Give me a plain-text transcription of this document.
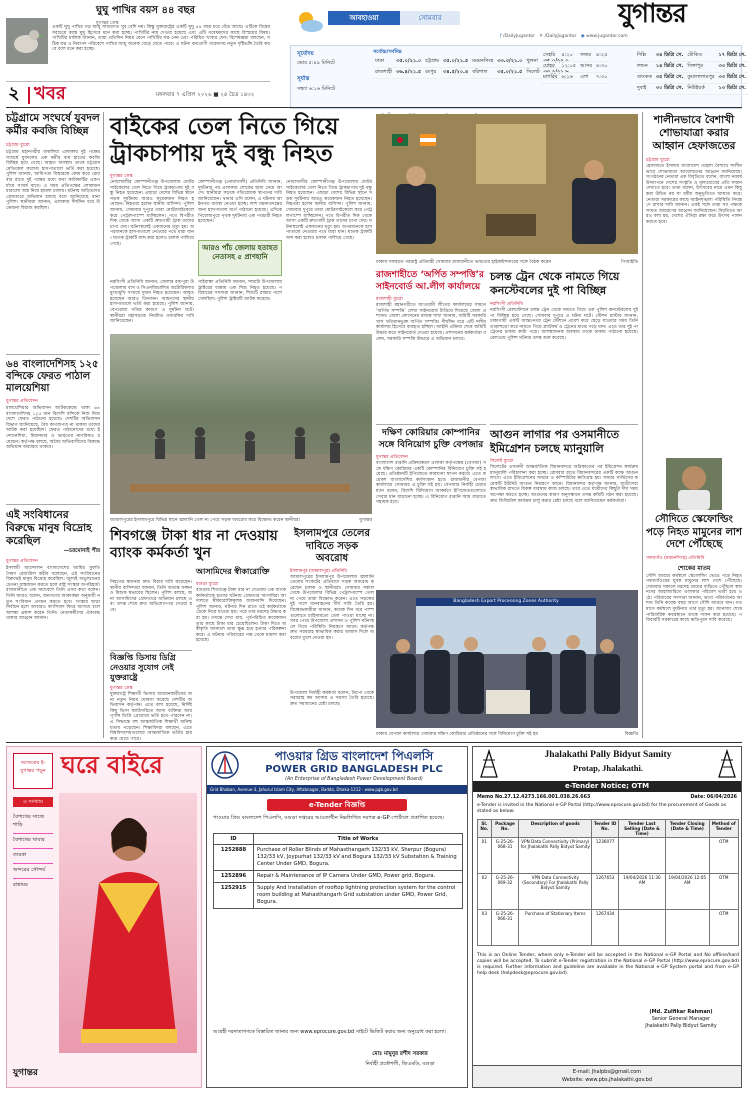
ঘুঘু পাখির বয়স ৪৪ বছর
যুগান্তর ডেস্ক
একটি ঘুঘু পাখির গড় আয়ু সাধারণত খুব বেশি নয়। কিন্তু যুক্তরাষ্ট্রের একটি ঘুঘু ৪৪ বছর ধরে বেঁচে আছে। এটিকে বিশ্বের সবচেয়ে বয়স্ক ঘুঘু হিসেবে মনে করা হচ্ছে। পাখিটির নাম দেওয়া হয়েছে এবং এটি গবেষকদের কাছে বিস্ময়ের বিষয়। পাখিটির মালিক জানান, তারা প্রতিদিন নিয়ম মেনে পাখিটির যত্ন নেন এবং পরিমিত খাবার দেন। বিশেষজ্ঞরা বলছেন, সঠিক যত্ন ও নিরাপদ পরিবেশে পাখির আয়ু অনেক বেড়ে যেতে পারে। এ ঘটনা বন্যপ্রাণী গবেষণায় নতুন দৃষ্টিভঙ্গি তৈরি করবে বলে মনে করা হচ্ছে।
আবহাওয়া	সোমবার	যুগান্তর
f /DailyJugantor ✕ /DailyJugantor ◉ www.jugantor.com
সূর্যোদয়
ভোর ৫:৪৯ মিনিটে
সূর্যাস্ত
সন্ধ্যা ৬:১৬ মিনিটে
সর্বোচ্চ/সর্বনিম্ন
ঢাকা	৩৫.০/২১.০	চট্টগ্রাম	৩৫.০/২১.৫	ময়মনসিংহ	৩৩.৩/২১.০	খুলনা	৩৫.০/২২.০
রাজশাহী	৩৬.৪/২১.৫	রংপুর	৩৪.৫/২০.৪	বরিশাল	৩৫.০/২১.৫	সিলেট	৩৩.২/২১.৮
সেহরি	৪:২০	ফজর	৪:২৫
যোহর	১২:০৫	আসর	৪:৩০
মাগরিব	৬:১৬	এশা	৭:৩০
দিল্লি	৩৪ ডিগ্রি সে.	টোকিও	১৭ ডিগ্রি সে.
লন্ডন	১৪ ডিগ্রি সে.	সিঙ্গাপুর	৩৩ ডিগ্রি সে.
ব্যাংকক	৩৫ ডিগ্রি সে.	কুয়ালালামপুর	৩৩ ডিগ্রি সে.
দুবাই	৩০ ডিগ্রি সে.	নিউইয়র্ক	১৩ ডিগ্রি সে.
২ খবর	মঙ্গলবার ৭ এপ্রিল ২০২৬ ■ ২৪ চৈত্র ১৪৩২
চট্টগ্রামে সংঘর্ষে যুবদল কর্মীর কবজি বিচ্ছিন্ন
চট্টগ্রাম ব্যুরো
চট্টগ্রাম মহানগরীর বাকলিয়া এলাকায় দুই পক্ষের সংঘর্ষে যুবদলের এক কর্মীর বাম হাতের কবজি বিচ্ছিন্ন হয়ে গেছে। আহত অবস্থায় তাকে চট্টগ্রাম মেডিকেল কলেজ হাসপাতালে ভর্তি করা হয়েছে। পুলিশ জানায়, আধিপত্য বিস্তারকে কেন্দ্র করে রোববার রাতে দুই পক্ষের মধ্যে কথা কাটাকাটির একপর্যায়ে সংঘর্ষ বাধে। এ সময় প্রতিপক্ষের লোকজন ধারালো অস্ত্র নিয়ে হামলা চালায়। ঘটনায় জড়িতদের গ্রেফতারে অভিযান চলছে বলে জানিয়েছে থানা পুলিশ। স্থানীয়রা জানান, এলাকায় দীর্ঘদিন ধরে উত্তেজনা বিরাজ করছিল।
৬৪ বাংলাদেশিসহ ১২৫ বন্দিকে ফেরত পাঠাল মালয়েশিয়া
যুগান্তর প্রতিবেদন
মালয়েশিয়ার অভিবাসন আটককেন্দ্রে থাকা ৬৪ বাংলাদেশিসহ ১২৫ জন বিদেশি বন্দিকে নিজ নিজ দেশে ফেরত পাঠানো হয়েছে। দেশটির অভিবাসন বিভাগ জানিয়েছে, বৈধ কাগজপত্র না থাকায় তাদের আটক করা হয়েছিল। ফেরত পাঠানোদের মধ্যে ইন্দোনেশিয়া, মিয়ানমার ও ভারতের নাগরিকও রয়েছেন। কর্তৃপক্ষ বলছে, অবৈধ অভিবাসীদের বিরুদ্ধে অভিযান অব্যাহত থাকবে।
এই সংবিধানের বিরুদ্ধে মানুষ বিদ্রোহ করেছিল
—চরমোনাই পীর
যুগান্তর প্রতিবেদন
ইসলামী আন্দোলন বাংলাদেশের আমির মুফতি সৈয়দ রেজাউল করীম বলেছেন, এই সংবিধানের বিরুদ্ধেই মানুষ বিদ্রোহ করেছিল। জুলাই অভ্যুত্থানের চেতনা বাস্তবায়ন করতে হলে রাষ্ট্র সংস্কার অপরিহার্য। রাজধানীতে এক সমাবেশে তিনি এসব কথা বলেন। তিনি আরও বলেন, জনগণের আকাঙ্ক্ষা অনুযায়ী নতুন সংবিধান প্রণয়ন করতে হবে। সংস্কার ছাড়া নির্বাচন হলে আবারও ফ্যাসিবাদ ফিরে আসবে বলে আশঙ্কা প্রকাশ করেন তিনি। নেতাকর্মীদের ঐক্যবদ্ধ থাকার আহ্বান জানান।
বাইকের তেল নিতে গিয়ে ট্রাকচাপায় দুই বন্ধু নিহত
যুগান্তর ডেস্ক
নোয়াখালীর কোম্পানীগঞ্জ উপজেলায় মোটরসাইকেলের তেল নিতে গিয়ে ট্রাকচাপায় দুই বন্ধু নিহত হয়েছেন। এছাড়া দেশের বিভিন্ন স্থানে সড়ক দুর্ঘটনায় আরও কয়েকজন নিহত হয়েছেন। নিহতরা হলেন স্থানীয় বাসিন্দা। পুলিশ জানায়, সোমবার দুপুরে তারা মোটরসাইকেলে করে পেট্রলপাম্পে যাচ্ছিলেন। পথে বিপরীত দিক থেকে আসা একটি দ্রুতগামী ট্রাক তাদের চাপা দেয়। ঘটনাস্থলেই একজনের মৃত্যু হয়। অপরজনকে হাসপাতালে নেওয়ার পথে মারা যান। ঘাতক ট্রাকটি জব্দ করা হলেও চালক পালিয়ে গেছে।
কোম্পানীগঞ্জ (নোয়াখালী) প্রতিনিধি জানান, দুর্ঘটনার পর এলাকায় শোকের ছায়া নেমে আসে। স্থানীয়রা সড়কে গতিরোধক স্থাপনের দাবি জানিয়েছেন। থানার ওসি বলেন, এ ঘটনায় আইনগত ব্যবস্থা নেওয়া হচ্ছে। লাশ ময়নাতদন্তের জন্য হাসপাতাল মর্গে পাঠানো হয়েছে। এদিকে পিরোজপুরে পৃথক দুর্ঘটনায় এক পথচারী নিহত হয়েছেন।
আরও পাঁচ জেলায় হতাহত নেতাসহ ৫ প্রাণহানি
নরসিংদী প্রতিনিধি জানান, জেলার রায়পুরা উপজেলায় বাস ও সিএনজিচালিত অটোরিকশার মুখোমুখি সংঘর্ষে দুজন নিহত হয়েছেন। আহত হয়েছেন আরও তিনজন। আহতদের স্থানীয় হাসপাতালে ভর্তি করা হয়েছে। পুলিশ জানায়, বেপরোয়া গতির কারণে এ দুর্ঘটনা ঘটে। স্থানীয়রা মহাসড়কে নিয়মিত তদারকির দাবি জানিয়েছেন।
গাইবান্ধা প্রতিনিধি জানান, সাঘাটা উপজেলায় ট্রাক্টরের ধাক্কায় এক শিশু নিহত হয়েছে। পরিবারের সদস্যরা জানান, শিশুটি রাস্তার পাশে খেলছিল। পুলিশ ট্রাক্টরটি আটক করেছে।
নোয়াখালীর কোম্পানীগঞ্জ উপজেলায় মোটরসাইকেলের তেল নিতে গিয়ে ট্রাকচাপায় দুই বন্ধু নিহত হয়েছেন। এছাড়া দেশের বিভিন্ন স্থানে সড়ক দুর্ঘটনায় আরও কয়েকজন নিহত হয়েছেন। নিহতরা হলেন স্থানীয় বাসিন্দা। পুলিশ জানায়, সোমবার দুপুরে তারা মোটরসাইকেলে করে পেট্রলপাম্পে যাচ্ছিলেন। পথে বিপরীত দিক থেকে আসা একটি দ্রুতগামী ট্রাক তাদের চাপা দেয়। ঘটনাস্থলেই একজনের মৃত্যু হয়। অপরজনকে হাসপাতালে নেওয়ার পথে মারা যান। ঘাতক ট্রাকটি জব্দ করা হলেও চালক পালিয়ে গেছে।
জামালপুরের ইসলামপুরে বিভিন্ন স্থানে জ্বালানি তেল না পেয়ে সড়ক অবরোধ করে বিক্ষোভ করেন স্থানীয়রা	যুগান্তর
শিবগঞ্জে টাকা ধার না দেওয়ায় ব্যাংক কর্মকর্তা খুন
আসামিদের স্বীকারোক্তি
বগুড়া ব্যুরো
বগুড়ার শিবগঞ্জে টাকা ধার না দেওয়ায় এক ব্যাংক কর্মকর্তাকে হত্যার ঘটনায় গ্রেফতার আসামিরা আদালতে স্বীকারোক্তিমূলক জবানবন্দি দিয়েছেন। পুলিশ জানায়, ঘটনার দিন রাতে ওই কর্মকর্তাকে ডেকে নিয়ে যাওয়া হয়। পরে তার মরদেহ উদ্ধার করা হয়। তদন্তে দেখা যায়, পূর্বপরিচিত কয়েকজন তার কাছে টাকা ধার চেয়েছিলেন। টাকা দিতে অস্বীকৃতি জানালে তারা ক্ষুব্ধ হয়ে হত্যার পরিকল্পনা করে। এ ঘটনায় পরিবারের পক্ষ থেকে মামলা করা হয়েছে।
নিহতের স্বজনরা দ্রুত বিচার দাবি করেছেন। স্থানীয় বাসিন্দারা জানান, তিনি অত্যন্ত সজ্জন ও মিশুক স্বভাবের ছিলেন। পুলিশ বলছে, অন্য আসামিদের গ্রেফতারে অভিযান চলছে এবং তদন্ত শেষে দ্রুত অভিযোগপত্র দেওয়া হবে।
বিজ্ঞপ্তি ডিসায় ডিগ্রি নেওয়ার সুযোগ নেই যুক্তরাষ্ট্রে
যুগান্তর ডেস্ক
যুক্তরাষ্ট্রে শিক্ষার্থী ভিসায় অধ্যয়নকারীদের জন্য নতুন নিয়ম ঘোষণা করেছে দেশটির অভিবাসন কর্তৃপক্ষ। এতে বলা হয়েছে, নির্দিষ্ট কিছু ভিসা ক্যাটাগরিতে আসা ব্যক্তিরা আর পূর্ণাঙ্গ ডিগ্রি প্রোগ্রামে ভর্তি হতে পারবেন না। এ সিদ্ধান্তে বহু আন্তর্জাতিক শিক্ষার্থী অনিশ্চয়তায় পড়েছেন। শিক্ষাবিদরা বলছেন, এতে বিশ্ববিদ্যালয়গুলোর আন্তর্জাতিক ভর্তির হার কমে যেতে পারে।
ইসলামপুরে তেলের দাবিতে সড়ক অবরোধ
ইসলামপুর (জামালপুর) প্রতিনিধি
জামালপুরের ইসলামপুর উপজেলায় জ্বালানি তেলের সংকটের প্রতিবাদে সড়ক অবরোধ করেছেন চালক ও স্থানীয়রা। সোমবার সকাল থেকে উপজেলার বিভিন্ন পেট্রলপাম্পে তেল না পেয়ে তারা বিক্ষোভ করেন। এতে সড়কের দুই পাশে যানবাহনের দীর্ঘ সারি তৈরি হয়। বিক্ষোভকারীরা জানান, কয়েক দিন ধরে পাম্পগুলোতে চাহিদামতো তেল পাওয়া যাচ্ছে না। খবর পেয়ে উপজেলা প্রশাসন ও পুলিশ ঘটনাস্থলে গিয়ে পরিস্থিতি নিয়ন্ত্রণে আনে। কর্তৃপক্ষ দ্রুত সরবরাহ স্বাভাবিক করার আশ্বাস দিলে অবরোধ তুলে নেওয়া হয়।
উপজেলা নির্বাহী কর্মকর্তা বলেন, ডিপো থেকে সরবরাহ কম আসায় এ সমস্যা তৈরি হয়েছে। দ্রুত সমাধানের চেষ্টা চলছে।
ঢাকায় সফররত পররাষ্ট্র প্রতিমন্ত্রী সোমবার রাজধানীতে ভারতের হাইকমিশনারের সঙ্গে বৈঠক করেন	পিআইডি
রাজশাহীতে ‘অর্পিত সম্পত্তি’র সাইনবোর্ড আ.লীগ কার্যালয়ে
রাজশাহী ব্যুরো
রাজশাহী মহানগরীতে আওয়ামী লীগের কার্যালয়ের সামনে ‘অর্পিত সম্পত্তি’ লেখা সাইনবোর্ড টাঙিয়ে দিয়েছে জেলা প্রশাসন। জেলা প্রশাসনের রাজস্ব শাখা জানায়, জমিটি সরকারি খাস খতিয়ানভুক্ত অর্পিত সম্পত্তি। দীর্ঘদিন ধরে এটি দলীয় কার্যালয় হিসেবে ব্যবহৃত হচ্ছিল। আইনি প্রক্রিয়া শেষে জমিটি উদ্ধার করে সাইনবোর্ড দেওয়া হয়েছে। প্রশাসনের কর্মকর্তারা বলেন, সরকারি সম্পত্তি উদ্ধারে এ অভিযান চলবে।
চলন্ত ট্রেন থেকে নামতে গিয়ে কনস্টেবলের দুই পা বিচ্ছিন্ন
নরসিংদী প্রতিনিধি
নরসিংদী রেলস্টেশনে চলন্ত ট্রেন থেকে নামতে গিয়ে এক পুলিশ কনস্টেবলের দুই পা বিচ্ছিন্ন হয়ে গেছে। সোমবার দুপুরে এ ঘটনা ঘটে। স্টেশন মাস্টার জানান, ঢাকাগামী একটি আন্তঃনগর ট্রেন স্টেশনে প্রবেশ করে ছেড়ে যাওয়ার সময় তিনি তাড়াহুড়ো করে নামতে গিয়ে প্ল্যাটফর্ম ও ট্রেনের মাঝে পড়ে যান। এতে তার দুই পা ট্রেনের চাকায় কাটা পড়ে। আশঙ্কাজনক অবস্থায় তাকে ঢাকায় পাঠানো হয়েছে। রেলওয়ে পুলিশ ঘটনার তদন্ত শুরু করেছে।
দক্ষিণ কোরিয়ার কোম্পানির সঙ্গে বিনিয়োগ চুক্তি বেপজার
যুগান্তর প্রতিবেদন
বাংলাদেশ রপ্তানি প্রক্রিয়াকরণ এলাকা কর্তৃপক্ষের (বেপজা) সঙ্গে দক্ষিণ কোরিয়ার একটি কোম্পানির বিনিয়োগ চুক্তি সই হয়েছে। প্রতিষ্ঠানটি ইপিজেডে কারখানা স্থাপন করবে। এতে কয়েকশ বাংলাদেশির কর্মসংস্থান হবে। রাজধানীর বেপজা কার্যালয়ে সোমবার এ চুক্তি সই হয়। বেপজার নির্বাহী চেয়ারম্যান বলেন, বিদেশি বিনিয়োগ আকর্ষণে ইপিজেডগুলোতে সেবার মান বাড়ানো হচ্ছে। এ বিনিয়োগ রপ্তানি আয় বাড়াতে সহায়ক হবে।
আগুন লাগার পর ওসমানীতে ইমিগ্রেশন চলছে ম্যানুয়ালি
সিলেট ব্যুরো
সিলেটের ওসমানী আন্তর্জাতিক বিমানবন্দরে অগ্নিকাণ্ডের পর ইমিগ্রেশন কার্যক্রম ম্যানুয়ালি পরিচালনা করা হচ্ছে। রোববার রাতে বিমানবন্দরের একটি কক্ষে আগুন লাগে। এতে ইমিগ্রেশনের সার্ভার ও কম্পিউটার ক্ষতিগ্রস্ত হয়। ফায়ার সার্ভিসের কয়েকটি ইউনিট আগুন নিয়ন্ত্রণে আনে। বিমানবন্দর কর্তৃপক্ষ জানায়, যাত্রীসেবা স্বাভাবিক রাখতে বিকল্প ব্যবস্থায় কাজ চলছে। তবে এতে যাত্রীদের কিছুটা দীর্ঘ সময় অপেক্ষা করতে হচ্ছে। আগুনের কারণ অনুসন্ধানে তদন্ত কমিটি গঠন করা হয়েছে। দ্রুত ডিজিটাল কার্যক্রম চালু করার চেষ্টা চলছে বলে জানিয়েছেন কর্মকর্তারা।
Bangladesh Export Processing Zones Authority
ঢাকায় বেপজা কার্যালয়ে সোমবার দক্ষিণ কোরিয়ার প্রতিষ্ঠানের সঙ্গে বিনিয়োগ চুক্তি সই হয়	বিজ্ঞপ্তি
শালীনভাবে বৈশাখী শোভাযাত্রা করার আহ্বান হেফাজতের
চট্টগ্রাম ব্যুরো
হেফাজতে ইসলাম বাংলাদেশ পহেলা বৈশাখে শালীনভাবে শোভাযাত্রা আয়োজনের আহ্বান জানিয়েছে। সংগঠনের নেতারা এক বিবৃতিতে বলেন, বাংলা নববর্ষ উদযাপনে দেশের সংস্কৃতি ও মূল্যবোধের প্রতি সম্মান দেখাতে হবে। তারা বলেন, উৎসবের নামে এমন কিছু করা উচিত নয় যা ধর্মীয় অনুভূতিতে আঘাত করে। নেতারা সরকারের কাছে আইনশৃঙ্খলা পরিস্থিতি নিয়ন্ত্রণে রাখার দাবি জানান। একই সঙ্গে তারা সব পক্ষকে সংযত আচরণের আহ্বান জানিয়েছেন। বিবৃতিতে আরও বলা হয়, দেশের ঐতিহ্য রক্ষা করে উৎসব পালন করতে হবে।
সৌদিতে স্কেফোল্ডিং পড়ে নিহত মামুনের লাশ দেশে পৌঁছেছে
গফরগাঁও (ময়মনসিংহ) প্রতিনিধি
শোকের মাতম
সৌদি আরবে কর্মস্থলে স্কেফোল্ডিং ভেঙে পড়ে নিহত গফরগাঁওয়ের যুবক মামুনের লাশ দেশে পৌঁছেছে। সোমবার সকালে মরদেহ গ্রামের বাড়িতে পৌঁছলে স্বজনদের আহাজারিতে এলাকার পরিবেশ ভারী হয়ে ওঠে। পরিবারের সদস্যরা জানান, ভাগ্য পরিবর্তনের আশায় তিনি কয়েক বছর আগে সৌদি আরবে যান। গত মাসে কর্মস্থলে দুর্ঘটনায় তার মৃত্যু হয়। জানাজা শেষে পারিবারিক কবরস্থানে তাকে দাফন করা হয়েছে। পরিবারটি সরকারের কাছে ক্ষতিপূরণ দাবি করেছে।
আজকের ই-যুগান্তর পড়ুন ঘরে বাইরে
এ সংখ্যায়
বৈশাখের সাজে শাড়ি
বৈশাখের খাবার
তারকা
অন্দরের সৌন্দর্য
রান্নাঘর
যুগান্তর
পাওয়ার গ্রিড বাংলাদেশ পিএলসি
POWER GRID BANGLADESH PLC
(An Enterprise of Bangladesh Power Development Board)
Grid Bhaban, Avenue-3, Jahurul Islam City, Aftabnagar, Badda, Dhaka-1212 · www.pgb.gov.bd
e-Tender বিজ্ঞপ্তি
পাওয়ার গ্রিড বাংলাদেশ পিএলসি, বগুড়া দপ্তরের আওতাধীন নিম্নলিখিত দরপত্র e-GP পোর্টালে প্রকাশিত হয়েছে।
ID	Title of Works
1252888	Purchase of Roller Blinds of Mahasthangarh 132/33 kV, Sherpur (Bogura) 132/33 kV, Joypurhat 132/33 kV and Bogura 132/33 kV Substation & Training Center Under GMD, Bogura.
1252896	Repair & Maintenance of IP Camera Under GMD, Power grid, Bogura.
1252915	Supply And Installation of rooftop lightning protection system for the control room building at Mahasthangarh Grid substation under GMD, Power Grid, Bogura.
আগ্রহী দরদাতাগণকে বিস্তারিত জানার জন্য www.eprocure.gov.bd সাইটে ভিজিট করার জন্য অনুরোধ করা হলো।
মোঃ মামুনুর রশীদ সরকার
নির্বাহী প্রকৌশলী, জিএমডি, বগুড়া
Jhalakathi Pally Bidyut Samity
Protap, Jhalakathi.
e-Tender Notice; OTM
Memo No.27.12.4273.166.001.038.26.663	Date: 06/04/2026
e-Tender is invited in the National e-GP Portal (http://www.eprocure.gov.bd) for the procurement of Goods as stated as below:
Sl. No.	Package No.	Description of goods	Tender ID No.	Tender Last Selling (Date & Time)	Tender Closing (Date & Time)	Method of Tender
01	G-25-26-068-31	VPN Data Connectivity (Primary) for Jhalakathi Pally Bidyut Samity	1236077			OTM
02	G-25-26-069-32	VPN Data Connectivity (Secondary) For Jhalakathi Pally Bidyut Samity	1267653	19/04/2026 11:30 AM	19/04/2026 12:05 AM	OTM
03	G-25-26-066-31	Purchase of Stationary Items	1267434			OTM
This is an Online Tender, where only e-Tender will be accepted in the National e-GP Portal and No offline/hard copies will be accepted. To submit e-Tender registration in the National e-GP Portal (http://www.eprocure.gov.bd) is required. Further information and guideline are available in the National e-GP System portal and from e-GP help desk (helpdesk@eprocure.gov.bd).
(Md. Zulfikar Rahman)
Senior General Manager
Jhalakathi Pally Bidyut Samity
E-mail: Jhalpbs@gmail.com
Website: www.pbs.jhalakathi.gov.bd
